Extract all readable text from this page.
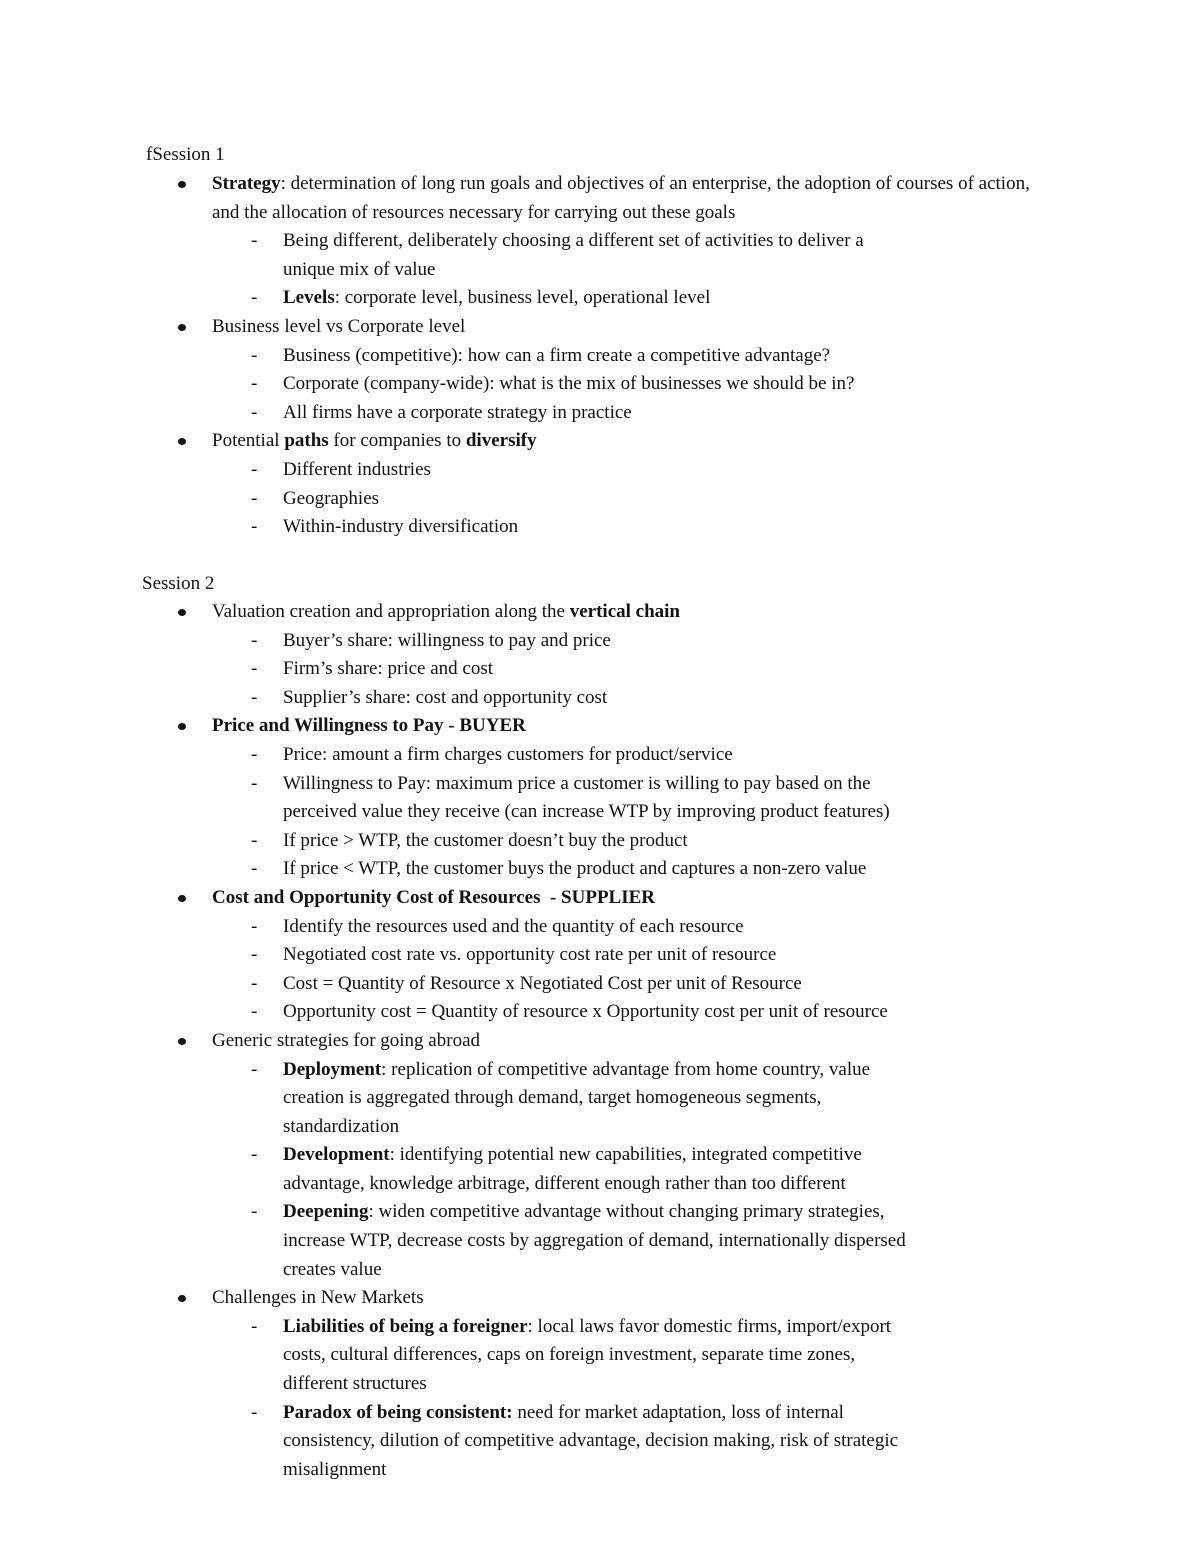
fSession 1
Strategy: determination of long run goals and objectives of an enterprise, the adoption of courses of action, and the allocation of resources necessary for carrying out these goals
- Being different, deliberately choosing a different set of activities to deliver a unique mix of value
- Levels: corporate level, business level, operational level
Business level vs Corporate level
- Business (competitive): how can a firm create a competitive advantage?
- Corporate (company-wide): what is the mix of businesses we should be in?
- All firms have a corporate strategy in practice
Potential paths for companies to diversify
- Different industries
- Geographies
- Within-industry diversification
Session 2
Valuation creation and appropriation along the vertical chain
- Buyer’s share: willingness to pay and price
- Firm’s share: price and cost
- Supplier’s share: cost and opportunity cost
Price and Willingness to Pay - BUYER
- Price: amount a firm charges customers for product/service
- Willingness to Pay: maximum price a customer is willing to pay based on the perceived value they receive (can increase WTP by improving product features)
- If price > WTP, the customer doesn’t buy the product
- If price < WTP, the customer buys the product and captures a non-zero value
Cost and Opportunity Cost of Resources  - SUPPLIER
- Identify the resources used and the quantity of each resource
- Negotiated cost rate vs. opportunity cost rate per unit of resource
- Cost = Quantity of Resource x Negotiated Cost per unit of Resource
- Opportunity cost = Quantity of resource x Opportunity cost per unit of resource
Generic strategies for going abroad
- Deployment: replication of competitive advantage from home country, value creation is aggregated through demand, target homogeneous segments, standardization
- Development: identifying potential new capabilities, integrated competitive advantage, knowledge arbitrage, different enough rather than too different
- Deepening: widen competitive advantage without changing primary strategies, increase WTP, decrease costs by aggregation of demand, internationally dispersed creates value
Challenges in New Markets
- Liabilities of being a foreigner: local laws favor domestic firms, import/export costs, cultural differences, caps on foreign investment, separate time zones, different structures
- Paradox of being consistent: need for market adaptation, loss of internal consistency, dilution of competitive advantage, decision making, risk of strategic misalignment
